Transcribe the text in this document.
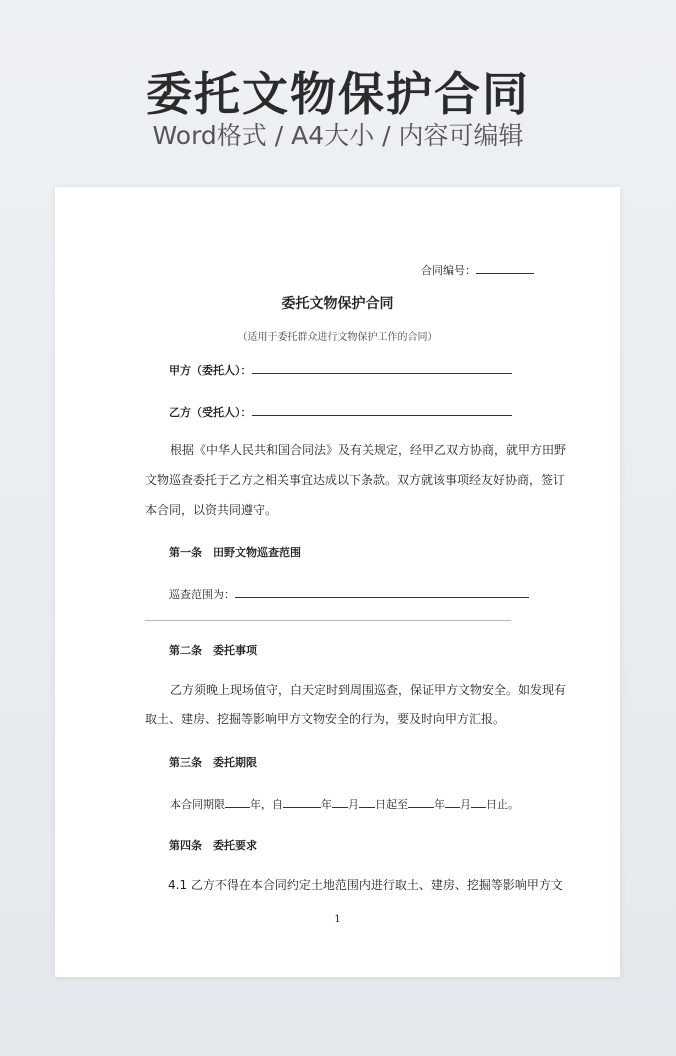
委托文物保护合同
Word格式 / A4大小 / 内容可编辑
合同编号：
委托文物保护合同
（适用于委托群众进行文物保护工作的合同）
甲方（委托人）：
乙方（受托人）：
根据《中华人民共和国合同法》及有关规定，经甲乙双方协商，就甲方田野
文物巡查委托于乙方之相关事宜达成以下条款。双方就该事项经友好协商，签订
本合同，以资共同遵守。
第一条　田野文物巡查范围
巡查范围为：
第二条　委托事项
乙方须晚上现场值守，白天定时到周围巡查，保证甲方文物安全。如发现有
取土、建房、挖掘等影响甲方文物安全的行为，要及时向甲方汇报。
第三条　委托期限
本合同期限 年，自	年 月 日起至 年 月 日止。
第四条　委托要求
4.1 乙方不得在本合同约定土地范围内进行取土、建房、挖掘等影响甲方文
1
